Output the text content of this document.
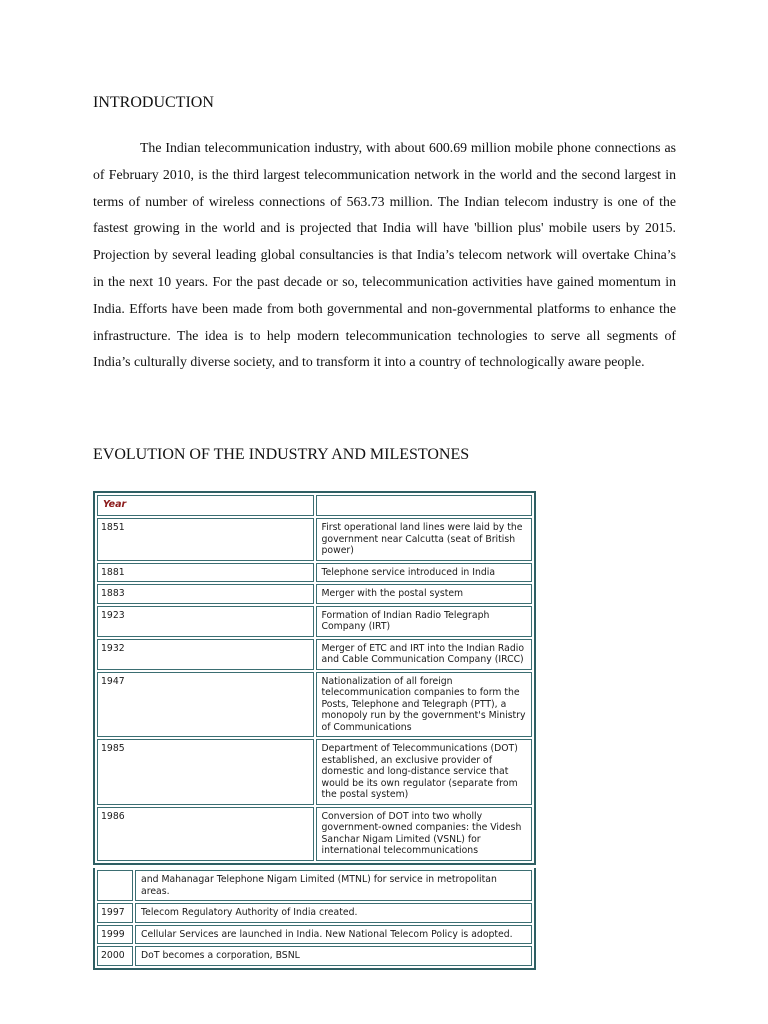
INTRODUCTION

The Indian telecommunication industry, with about 600.69 million mobile phone connections as of February 2010, is the third largest telecommunication network in the world and the second largest in terms of number of wireless connections of 563.73 million. The Indian telecom industry is one of the fastest growing in the world and is projected that India will have 'billion plus' mobile users by 2015. Projection by several leading global consultancies is that India’s telecom network will overtake China’s in the next 10 years. For the past decade or so, telecommunication activities have gained momentum in India. Efforts have been made from both governmental and non-governmental platforms to enhance the infrastructure. The idea is to help modern telecommunication technologies to serve all segments of India’s culturally diverse society, and to transform it into a country of technologically aware people.

EVOLUTION OF THE INDUSTRY AND MILESTONES
Year	
1851	First operational land lines were laid by the government near Calcutta (seat of British power)
1881	Telephone service introduced in India
1883	Merger with the postal system
1923	Formation of Indian Radio Telegraph Company (IRT)
1932	Merger of ETC and IRT into the Indian Radio and Cable Communication Company (IRCC)
1947	Nationalization of all foreign telecommunication companies to form the Posts, Telephone and Telegraph (PTT), a monopoly run by the government's Ministry of Communications
1985	Department of Telecommunications (DOT) established, an exclusive provider of domestic and long-distance service that would be its own regulator (separate from the postal system)
1986	Conversion of DOT into two wholly government-owned companies: the Videsh Sanchar Nigam Limited (VSNL) for international telecommunications
	and Mahanagar Telephone Nigam Limited (MTNL) for service in metropolitan areas.
1997	Telecom Regulatory Authority of India created.
1999	Cellular Services are launched in India. New National Telecom Policy is adopted.
2000	DoT becomes a corporation, BSNL
